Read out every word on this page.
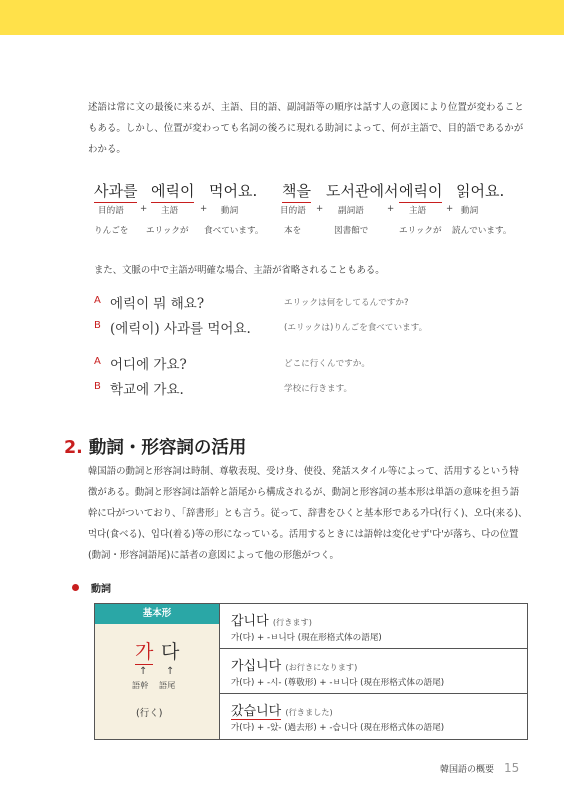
述語は常に文の最後に来るが、主語、目的語、副詞語等の順序は話す人の意図により位置が変わることもある。しかし、位置が変わっても名詞の後ろに現れる助詞によって、何が主語で、目的語であるかがわかる。
사과를 에릭이 먹어요. 책을 도서관에서 에릭이 읽어요.
目的語 + 主語	+ 動詞	目的語 + 副詞語	+ 主語 + 動詞
りんごを エリックが 食べています。 本を	図書館で	エリックが 読んでいます。
また、文脈の中で主語が明確な場合、主語が省略されることもある。
A 에릭이 뭐 해요?	エリックは何をしてるんですか?
B (에릭이) 사과를 먹어요.	(エリックは)りんごを食べています。
A 어디에 가요?	どこに行くんですか。
B 학교에 가요.	学校に行きます。
2. 動詞・形容詞の活用
韓国語の動詞と形容詞は時制、尊敬表現、受け身、使役、発話スタイル等によって、活用するという特徴がある。動詞と形容詞は語幹と語尾から構成されるが、動詞と形容詞の基本形は単語の意味を担う語幹に다がついており、「辞書形」とも言う。従って、辞書をひくと基本形である가다(行く)、오다(来る)、먹다(食べる)、입다(着る)等の形になっている。活用するときには語幹は変化せず'다'が落ち、다の位置(動詞・形容詞語尾)に話者の意図によって他の形態がつく。
動詞
基本形
가 다
↑ ↑
語幹 語尾
(行く)
갑니다 (行きます)
가(다) + -ㅂ니다 (現在形格式体の語尾)
가십니다 (お行きになります)
가(다) + -시- (尊敬形) + -ㅂ니다 (現在形格式体の語尾)
갔습니다 (行きました)
가(다) + -았- (過去形) + -습니다 (現在形格式体の語尾)
韓国語の概要 15
